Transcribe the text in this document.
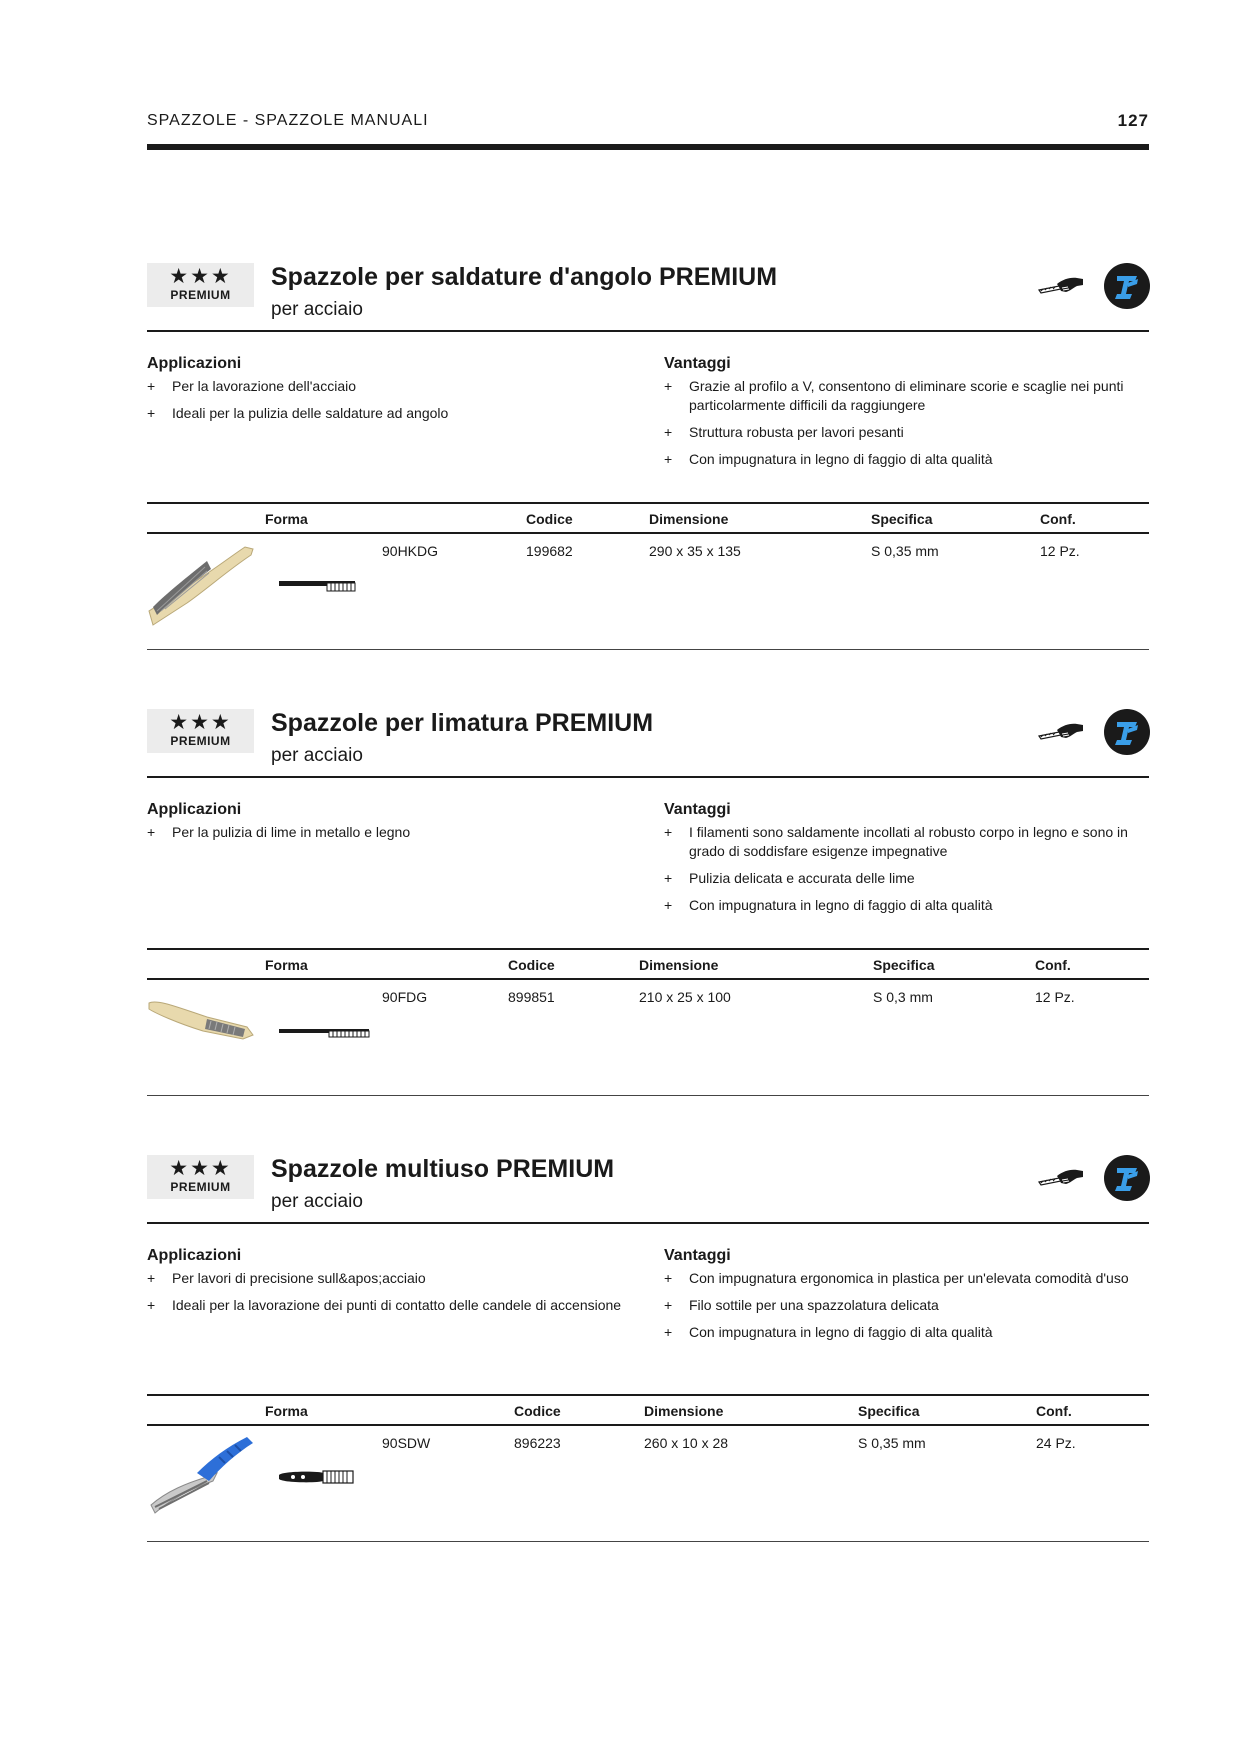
SPAZZOLE - SPAZZOLE MANUALI	127
★★★
PREMIUM
Spazzole per saldature d'angolo PREMIUM
per acciaio
Applicazioni	Vantaggi
+ Per la lavorazione dell'acciaio
+ Ideali per la pulizia delle saldature ad angolo
+ Grazie al profilo a V, consentono di eliminare scorie e scaglie nei punti particolarmente difficili da raggiungere
+ Struttura robusta per lavori pesanti
+ Con impugnatura in legno di faggio di alta qualità
Forma	Codice	Dimensione	Specifica	Conf.
90HKDG	199682	290 x 35 x 135	S 0,35 mm	12 Pz.
★★★
PREMIUM
Spazzole per limatura PREMIUM
per acciaio
Applicazioni	Vantaggi
+ Per la pulizia di lime in metallo e legno	+ I filamenti sono saldamente incollati al robusto corpo in legno e sono in grado di soddisfare esigenze impegnative
+ Pulizia delicata e accurata delle lime
+ Con impugnatura in legno di faggio di alta qualità
Forma	Codice	Dimensione	Specifica	Conf.
90FDG	899851	210 x 25 x 100	S 0,3 mm	12 Pz.
★★★
PREMIUM
Spazzole multiuso PREMIUM
per acciaio
Applicazioni	Vantaggi
+ Per lavori di precisione sull&apos;acciaio
+ Ideali per la lavorazione dei punti di contatto delle candele di accensione
+ Con impugnatura ergonomica in plastica per un'elevata comodità d'uso
+ Filo sottile per una spazzolatura delicata
+ Con impugnatura in legno di faggio di alta qualità
Forma	Codice	Dimensione	Specifica	Conf.
90SDW	896223	260 x 10 x 28	S 0,35 mm	24 Pz.
